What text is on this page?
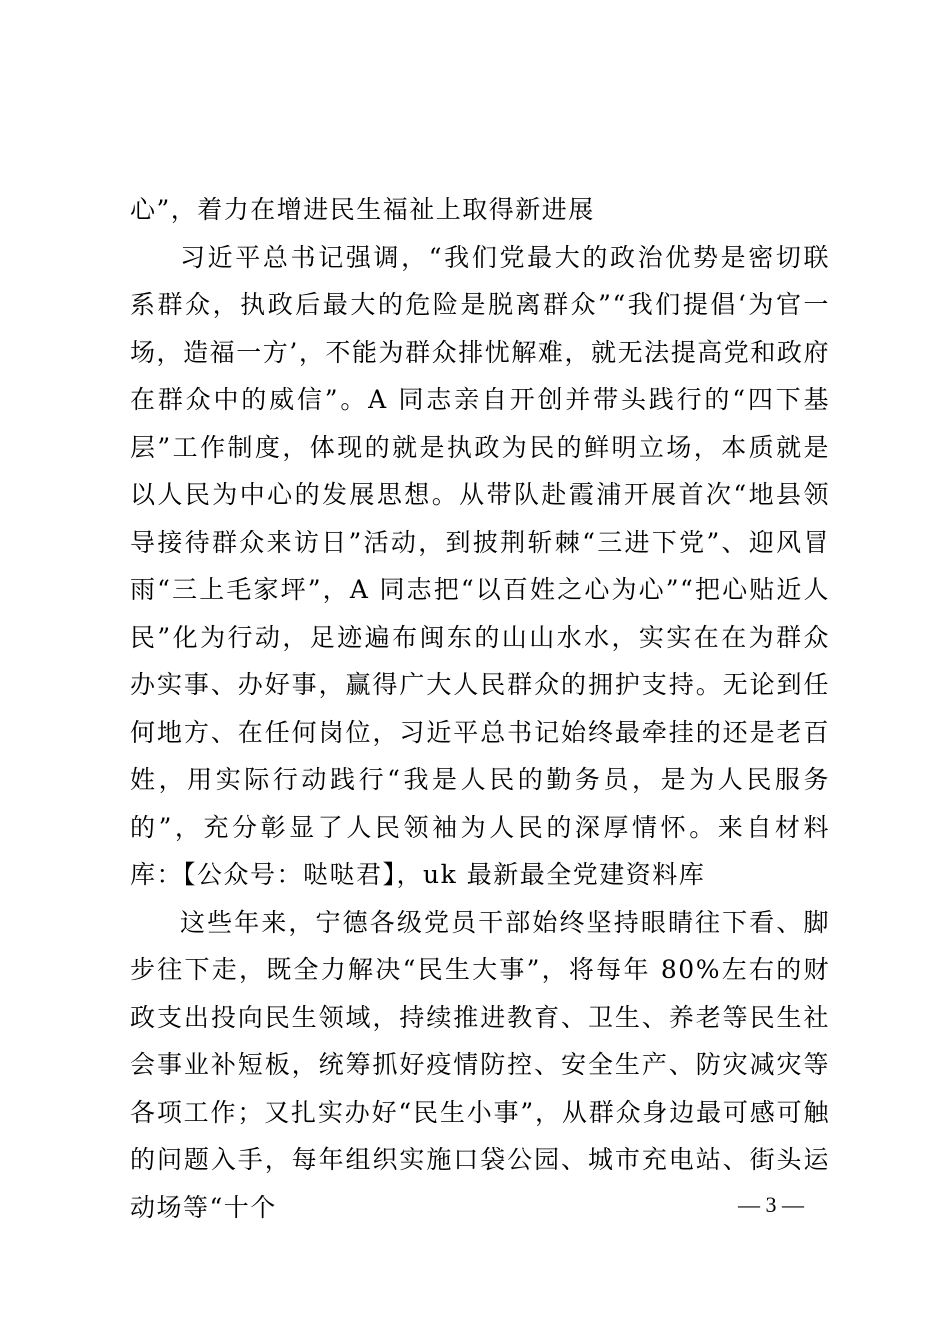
心”，着力在增进民生福祉上取得新进展

习近平总书记强调，“我们党最大的政治优势是密切联系群众，执政后最大的危险是脱离群众”“我们提倡‘为官一场，造福一方’，不能为群众排忧解难，就无法提高党和政府在群众中的威信”。A 同志亲自开创并带头践行的“四下基层”工作制度，体现的就是执政为民的鲜明立场，本质就是以人民为中心的发展思想。从带队赴霞浦开展首次“地县领导接待群众来访日”活动，到披荆斩棘“三进下党”、迎风冒雨“三上毛家坪”，A 同志把“以百姓之心为心”“把心贴近人民”化为行动，足迹遍布闽东的山山水水，实实在在为群众办实事、办好事，赢得广大人民群众的拥护支持。无论到任何地方、在任何岗位，习近平总书记始终最牵挂的还是老百姓，用实际行动践行“我是人民的勤务员，是为人民服务的”，充分彰显了人民领袖为人民的深厚情怀。来自材料库：【公众号：哒哒君】，uk 最新最全党建资料库

这些年来，宁德各级党员干部始终坚持眼睛往下看、脚步往下走，既全力解决“民生大事”，将每年 80%左右的财政支出投向民生领域，持续推进教育、卫生、养老等民生社会事业补短板，统筹抓好疫情防控、安全生产、防灾减灾等各项工作；又扎实办好“民生小事”，从群众身边最可感可触的问题入手，每年组织实施口袋公园、城市充电站、街头运动场等“十个	— 3 —
